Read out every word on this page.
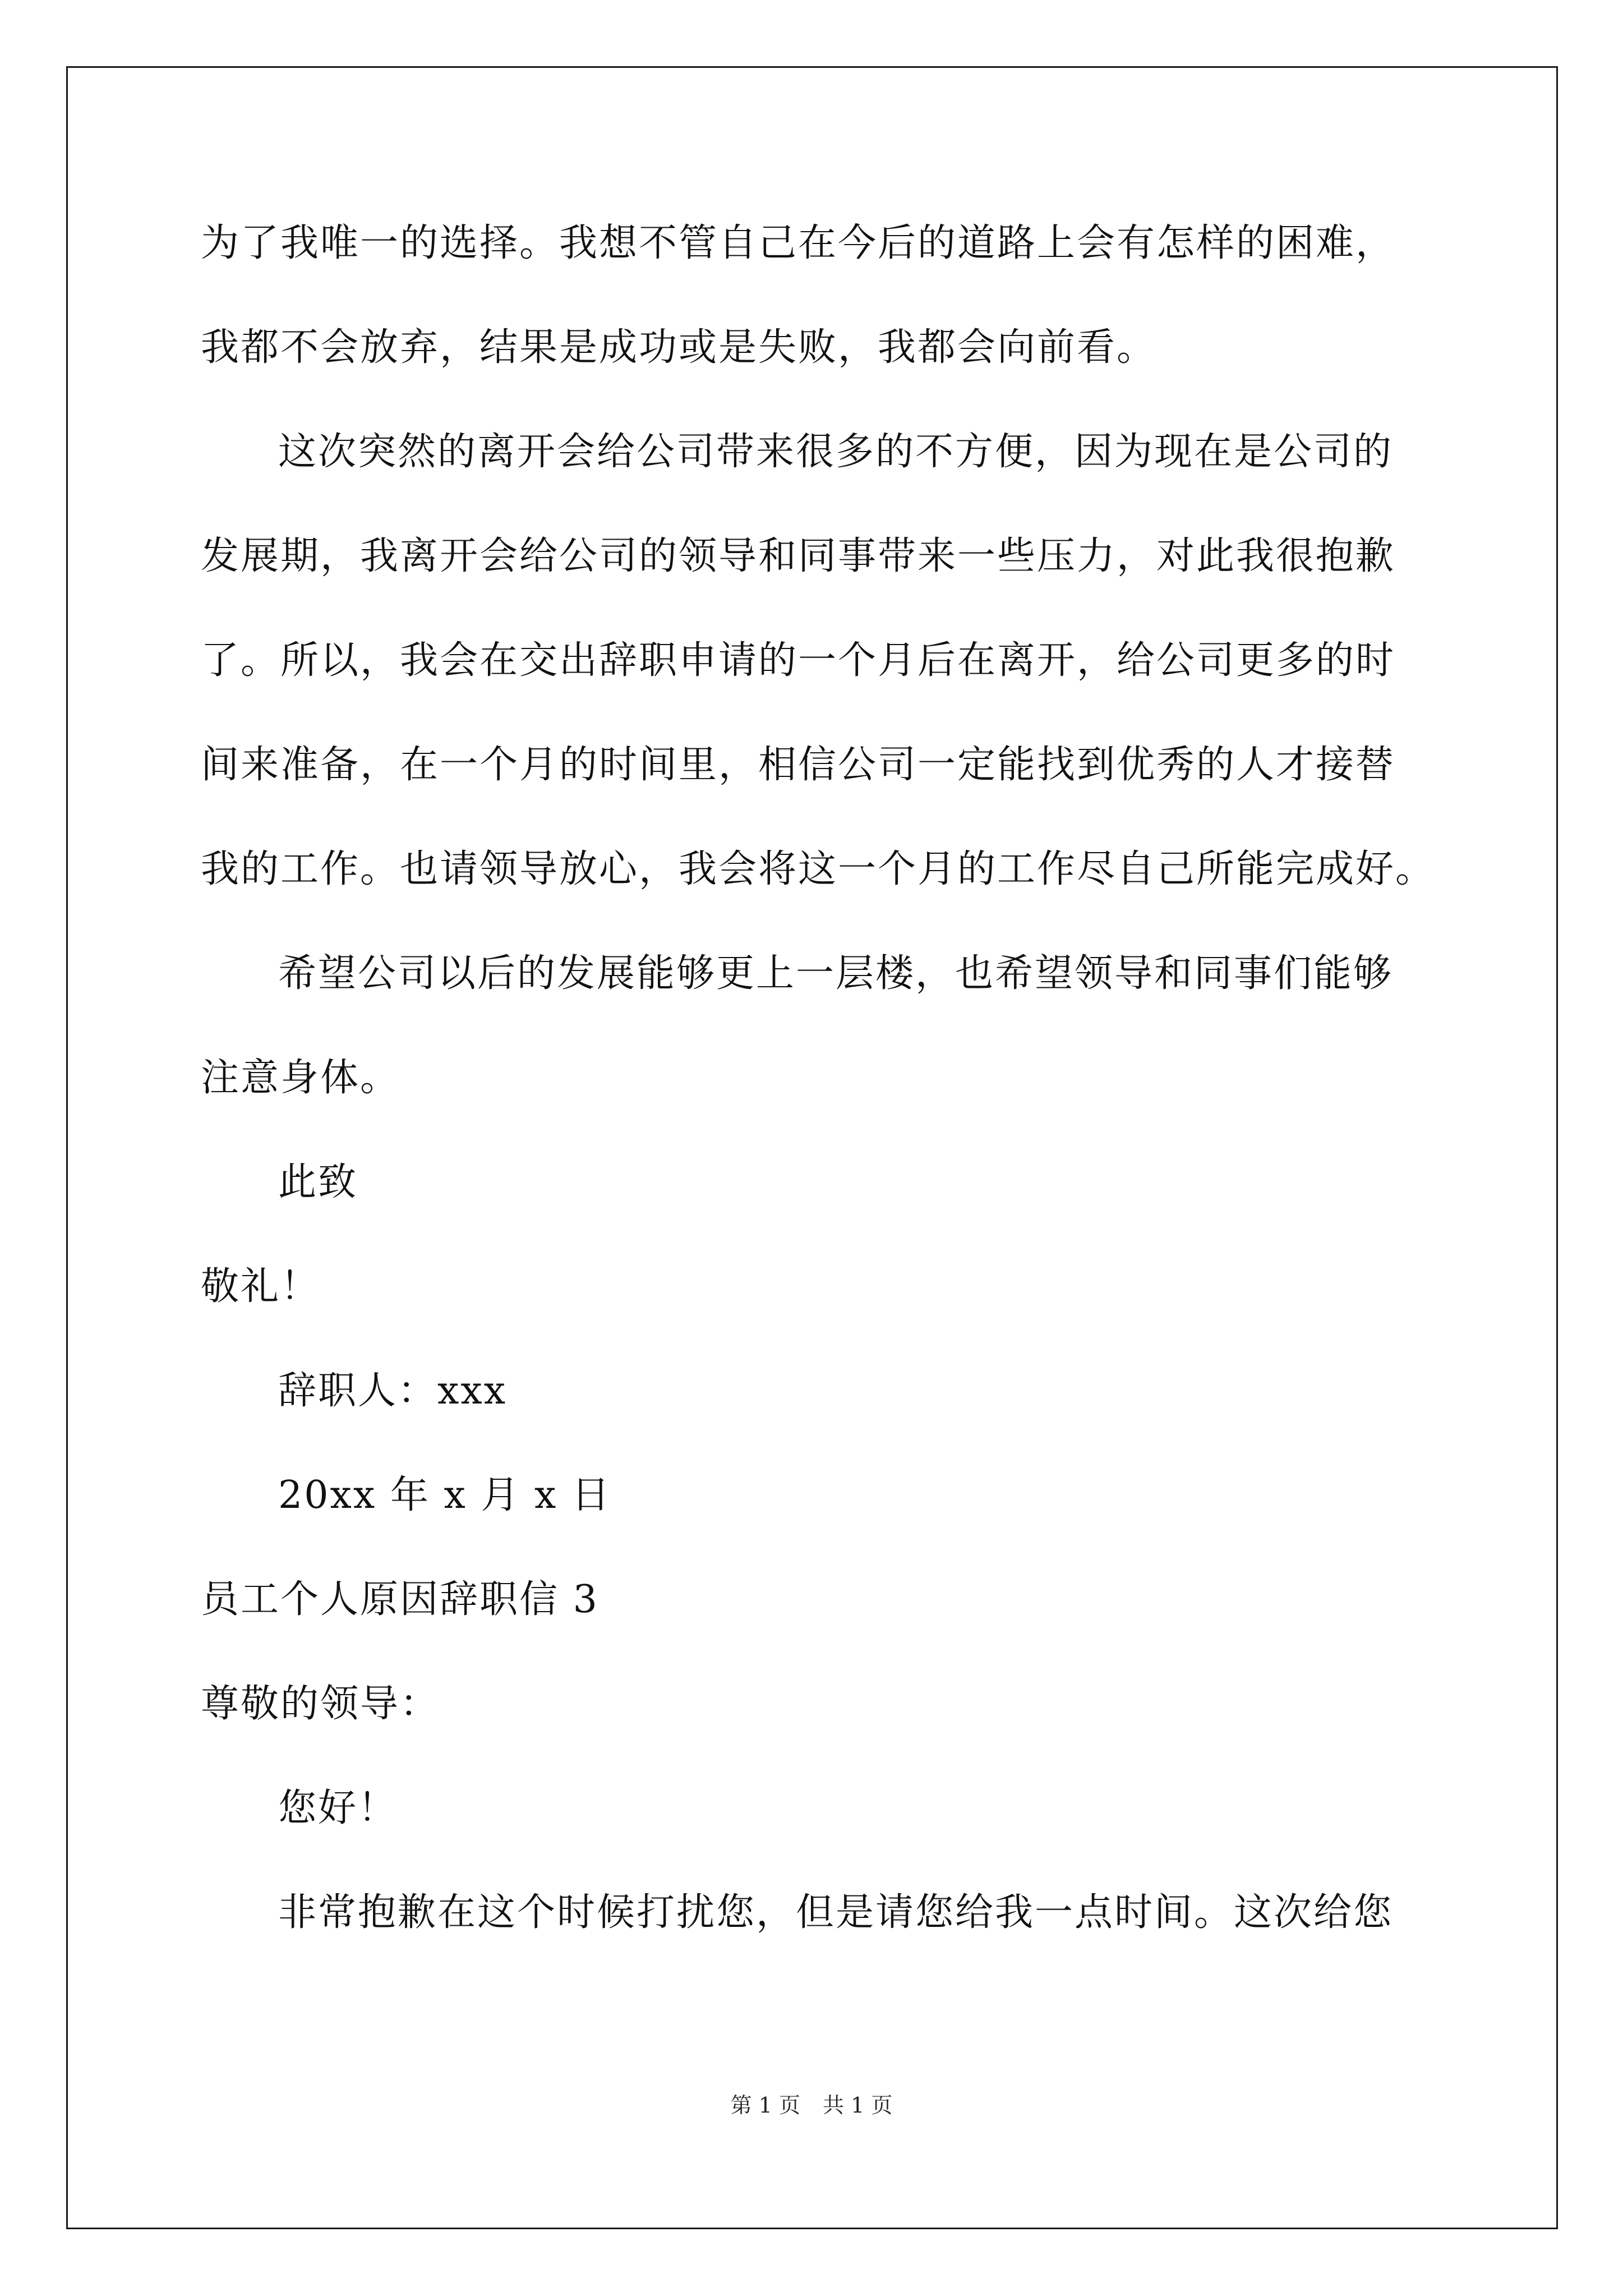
为了我唯一的选择。我想不管自己在今后的道路上会有怎样的困难，
我都不会放弃，结果是成功或是失败，我都会向前看。
这次突然的离开会给公司带来很多的不方便，因为现在是公司的
发展期，我离开会给公司的领导和同事带来一些压力，对此我很抱歉
了。所以，我会在交出辞职申请的一个月后在离开，给公司更多的时
间来准备，在一个月的时间里，相信公司一定能找到优秀的人才接替
我的工作。也请领导放心，我会将这一个月的工作尽自己所能完成好。
希望公司以后的发展能够更上一层楼，也希望领导和同事们能够
注意身体。
此致
敬礼！
辞职人：xxx
20xx 年 x 月 x 日
员工个人原因辞职信 3
尊敬的领导：
您好！
非常抱歉在这个时候打扰您，但是请您给我一点时间。这次给您
第 1 页 共 1 页
